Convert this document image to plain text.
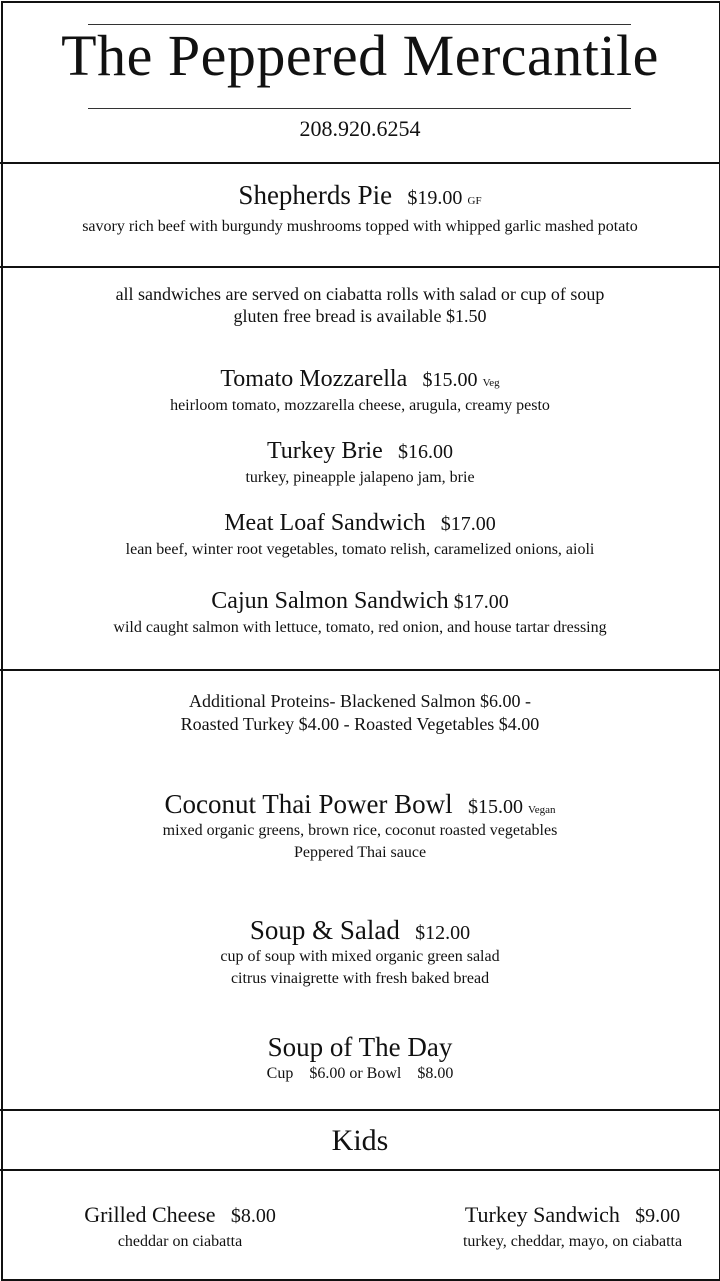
The Peppered Mercantile
208.920.6254
Shepherds Pie $19.00 GF
savory rich beef with burgundy mushrooms topped with whipped garlic mashed potato
all sandwiches are served on ciabatta rolls with salad or cup of soup
gluten free bread is available $1.50
Tomato Mozzarella $15.00 Veg
heirloom tomato, mozzarella cheese, arugula, creamy pesto
Turkey Brie $16.00
turkey, pineapple jalapeno jam, brie
Meat Loaf Sandwich $17.00
lean beef, winter root vegetables, tomato relish, caramelized onions, aioli
Cajun Salmon Sandwich $17.00
wild caught salmon with lettuce, tomato, red onion, and house tartar dressing
Additional Proteins- Blackened Salmon $6.00 -
Roasted Turkey $4.00 - Roasted Vegetables $4.00
Coconut Thai Power Bowl $15.00 Vegan
mixed organic greens, brown rice, coconut roasted vegetables
Peppered Thai sauce
Soup & Salad $12.00
cup of soup with mixed organic green salad
citrus vinaigrette with fresh baked bread
Soup of The Day
Cup    $6.00 or Bowl    $8.00
Kids
Grilled Cheese $8.00
cheddar on ciabatta
Turkey Sandwich $9.00
turkey, cheddar, mayo, on ciabatta
